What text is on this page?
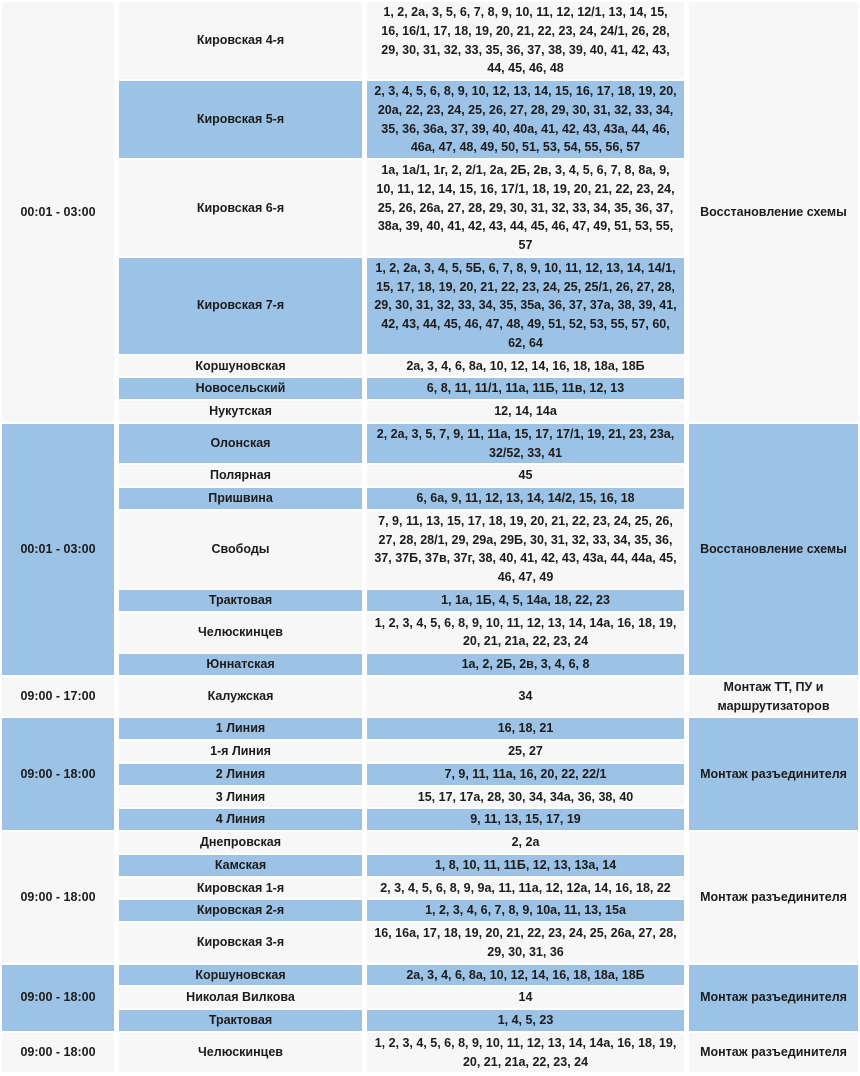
00:01 - 03:00	Кировская 4-я	1, 2, 2а, 3, 5, 6, 7, 8, 9, 10, 11, 12, 12/1, 13, 14, 15, 16, 16/1, 17, 18, 19, 20, 21, 22, 23, 24, 24/1, 26, 28, 29, 30, 31, 32, 33, 35, 36, 37, 38, 39, 40, 41, 42, 43, 44, 45, 46, 48	Восстановление схемы
	Кировская 5-я	2, 3, 4, 5, 6, 8, 9, 10, 12, 13, 14, 15, 16, 17, 18, 19, 20, 20а, 22, 23, 24, 25, 26, 27, 28, 29, 30, 31, 32, 33, 34, 35, 36, 36а, 37, 39, 40, 40а, 41, 42, 43, 43а, 44, 46, 46а, 47, 48, 49, 50, 51, 53, 54, 55, 56, 57	
	Кировская 6-я	1а, 1а/1, 1г, 2, 2/1, 2а, 2Б, 2в, 3, 4, 5, 6, 7, 8, 8а, 9, 10, 11, 12, 14, 15, 16, 17/1, 18, 19, 20, 21, 22, 23, 24, 25, 26, 26а, 27, 28, 29, 30, 31, 32, 33, 34, 35, 36, 37, 38а, 39, 40, 41, 42, 43, 44, 45, 46, 47, 49, 51, 53, 55, 57	
	Кировская 7-я	1, 2, 2а, 3, 4, 5, 5Б, 6, 7, 8, 9, 10, 11, 12, 13, 14, 14/1, 15, 17, 18, 19, 20, 21, 22, 23, 24, 25, 25/1, 26, 27, 28, 29, 30, 31, 32, 33, 34, 35, 35а, 36, 37, 37а, 38, 39, 41, 42, 43, 44, 45, 46, 47, 48, 49, 51, 52, 53, 55, 57, 60, 62, 64	
	Коршуновская	2а, 3, 4, 6, 8а, 10, 12, 14, 16, 18, 18а, 18Б	
	Новосельский	6, 8, 11, 11/1, 11а, 11Б, 11в, 12, 13	
	Нукутская	12, 14, 14а	
00:01 - 03:00	Олонская	2, 2а, 3, 5, 7, 9, 11, 11а, 15, 17, 17/1, 19, 21, 23, 23а, 32/52, 33, 41	Восстановление схемы
	Полярная	45	
	Пришвина	6, 6а, 9, 11, 12, 13, 14, 14/2, 15, 16, 18	
	Свободы	7, 9, 11, 13, 15, 17, 18, 19, 20, 21, 22, 23, 24, 25, 26, 27, 28, 28/1, 29, 29а, 29Б, 30, 31, 32, 33, 34, 35, 36, 37, 37Б, 37в, 37г, 38, 40, 41, 42, 43, 43а, 44, 44а, 45, 46, 47, 49	
	Трактовая	1, 1а, 1Б, 4, 5, 14а, 18, 22, 23	
	Челюскинцев	1, 2, 3, 4, 5, 6, 8, 9, 10, 11, 12, 13, 14, 14а, 16, 18, 19, 20, 21, 21а, 22, 23, 24	
	Юннатская	1а, 2, 2Б, 2в, 3, 4, 6, 8	
09:00 - 17:00	Калужская	34	Монтаж ТТ, ПУ и маршрутизаторов
09:00 - 18:00	1 Линия	16, 18, 21	Монтаж разъединителя
	1-я Линия	25, 27	
	2 Линия	7, 9, 11, 11а, 16, 20, 22, 22/1	
	3 Линия	15, 17, 17а, 28, 30, 34, 34а, 36, 38, 40	
	4 Линия	9, 11, 13, 15, 17, 19	
09:00 - 18:00	Днепровская	2, 2а	Монтаж разъединителя
	Камская	1, 8, 10, 11, 11Б, 12, 13, 13а, 14	
	Кировская 1-я	2, 3, 4, 5, 6, 8, 9, 9а, 11, 11а, 12, 12а, 14, 16, 18, 22	
	Кировская 2-я	1, 2, 3, 4, 6, 7, 8, 9, 10а, 11, 13, 15а	
	Кировская 3-я	16, 16а, 17, 18, 19, 20, 21, 22, 23, 24, 25, 26а, 27, 28, 29, 30, 31, 36	
09:00 - 18:00	Коршуновская	2а, 3, 4, 6, 8а, 10, 12, 14, 16, 18, 18а, 18Б	Монтаж разъединителя
	Николая Вилкова	14	
	Трактовая	1, 4, 5, 23	
09:00 - 18:00	Челюскинцев	1, 2, 3, 4, 5, 6, 8, 9, 10, 11, 12, 13, 14, 14а, 16, 18, 19, 20, 21, 21а, 22, 23, 24	Монтаж разъединителя
